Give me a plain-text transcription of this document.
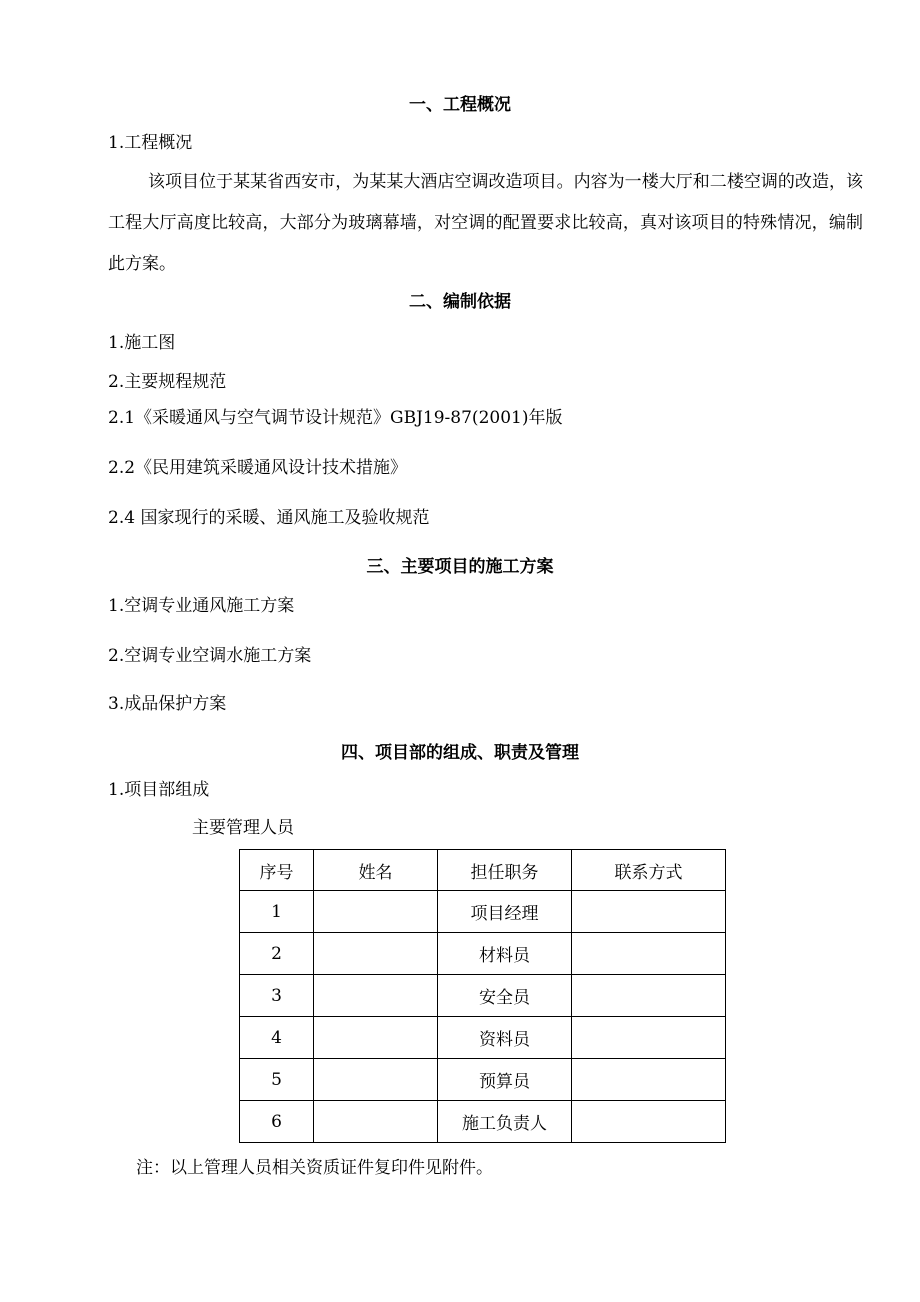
一、工程概况
1.工程概况
该项目位于某某省西安市，为某某大酒店空调改造项目。内容为一楼大厅和二楼空调的改造，该工程大厅高度比较高，大部分为玻璃幕墙，对空调的配置要求比较高，真对该项目的特殊情况，编制此方案。
二、编制依据
1.施工图
2.主要规程规范
2.1《采暖通风与空气调节设计规范》GBJ19-87(2001)年版
2.2《民用建筑采暖通风设计技术措施》
2.4 国家现行的采暖、通风施工及验收规范
三、主要项目的施工方案
1.空调专业通风施工方案
2.空调专业空调水施工方案
3.成品保护方案
四、项目部的组成、职责及管理
1.项目部组成
主要管理人员
序号	姓名	担任职务	联系方式
1		项目经理	
2		材料员	
3		安全员	
4		资料员	
5		预算员	
6		施工负责人	
注：以上管理人员相关资质证件复印件见附件。
